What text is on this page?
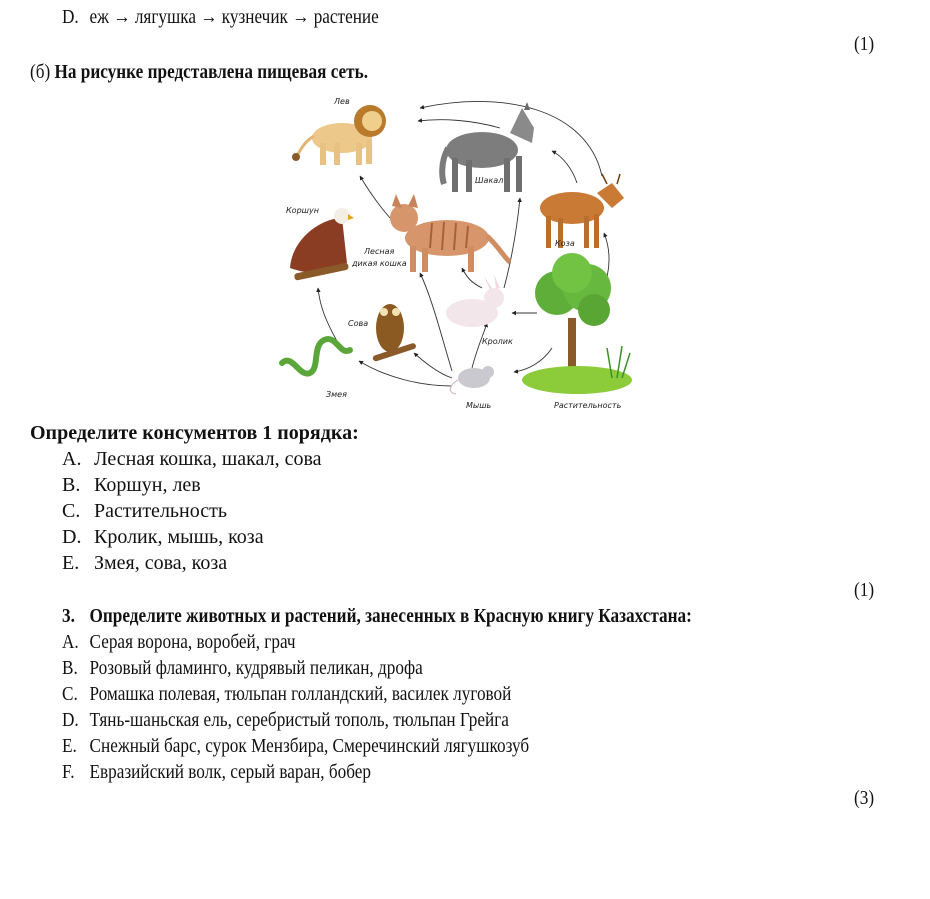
D. еж → лягушка → кузнечик → растение
(1)
(б) На рисунке представлена пищевая сеть.
Лев
Шакал
Коза
Коршун
Лесная
дикая кошка
Растительность
Кролик
Сова
Змея
Мышь
Определите консументов 1 порядка:
A. Лесная кошка, шакал, сова
B. Коршун, лев
C. Растительность
D. Кролик, мышь, коза
E. Змея, сова, коза
(1)
3. Определите животных и растений, занесенных в Красную книгу Казахстана:
A. Серая ворона, воробей, грач
B. Розовый фламинго, кудрявый пеликан, дрофа
C. Ромашка полевая, тюльпан голландский, василек луговой
D. Тянь-шаньская ель, серебристый тополь, тюльпан Грейга
E. Снежный барс, сурок Мензбира, Смеречинский лягушкозуб
F. Евразийский волк, серый варан, бобер
(3)
